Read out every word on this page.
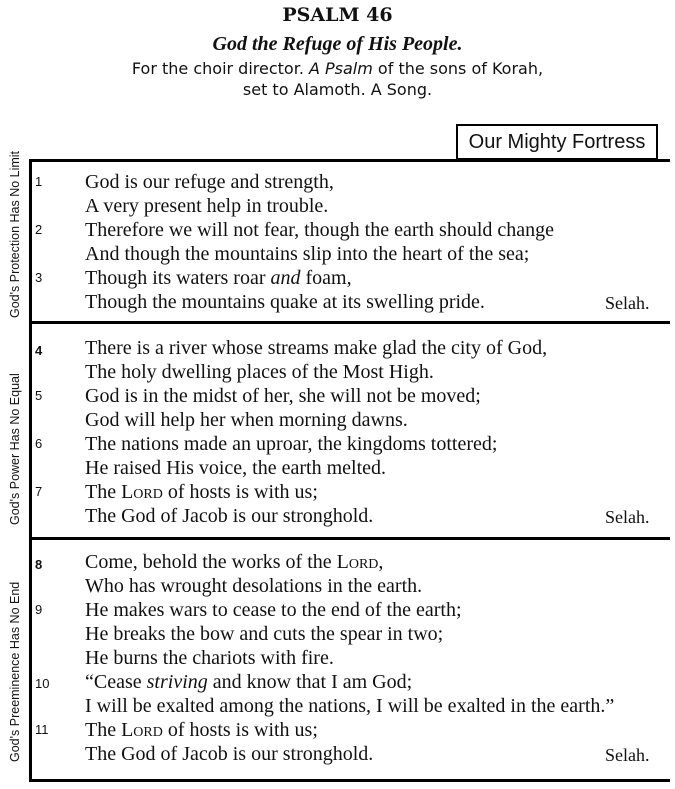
PSALM 46
God the Refuge of His People.
For the choir director. A Psalm of the sons of Korah,
set to Alamoth. A Song.
Our Mighty Fortress
God's Protection Has No Limit
God's Power Has No Equal
God's Preeminence Has No End
1 God is our refuge and strength,
A very present help in trouble.
2 Therefore we will not fear, though the earth should change
And though the mountains slip into the heart of the sea;
3 Though its waters roar and foam,
Though the mountains quake at its swelling pride.	Selah.
4 There is a river whose streams make glad the city of God,
The holy dwelling places of the Most High.
5 God is in the midst of her, she will not be moved;
God will help her when morning dawns.
6 The nations made an uproar, the kingdoms tottered;
He raised His voice, the earth melted.
7 The Lord of hosts is with us;
The God of Jacob is our stronghold.	Selah.
8 Come, behold the works of the Lord,
Who has wrought desolations in the earth.
9 He makes wars to cease to the end of the earth;
He breaks the bow and cuts the spear in two;
He burns the chariots with fire.
10 “Cease striving and know that I am God;
I will be exalted among the nations, I will be exalted in the earth.”
11 The Lord of hosts is with us;
The God of Jacob is our stronghold.	Selah.
